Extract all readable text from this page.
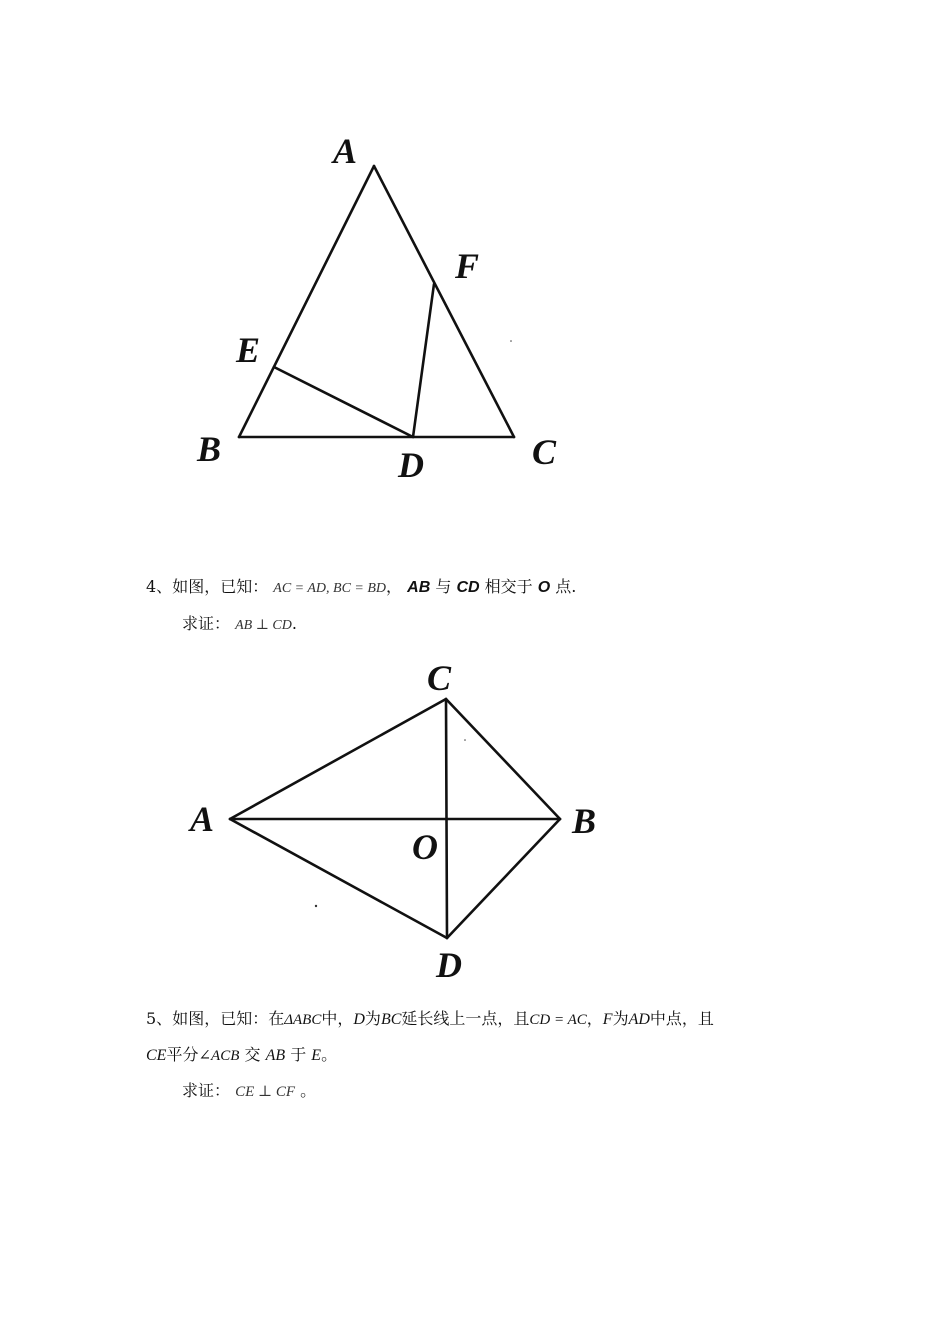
A
F
E
B	D	C
C
A	B
O
D
4、如图，已知： AC = AD, BC = BD， AB 与 CD 相交于 O 点.
求证： AB ⊥ CD.
5、如图，已知：在ΔABC中，D为BC延长线上一点，且CD = AC，F为AD中点，且
CE平分∠ACB 交 AB 于 E。
求证： CE ⊥ CF 。
